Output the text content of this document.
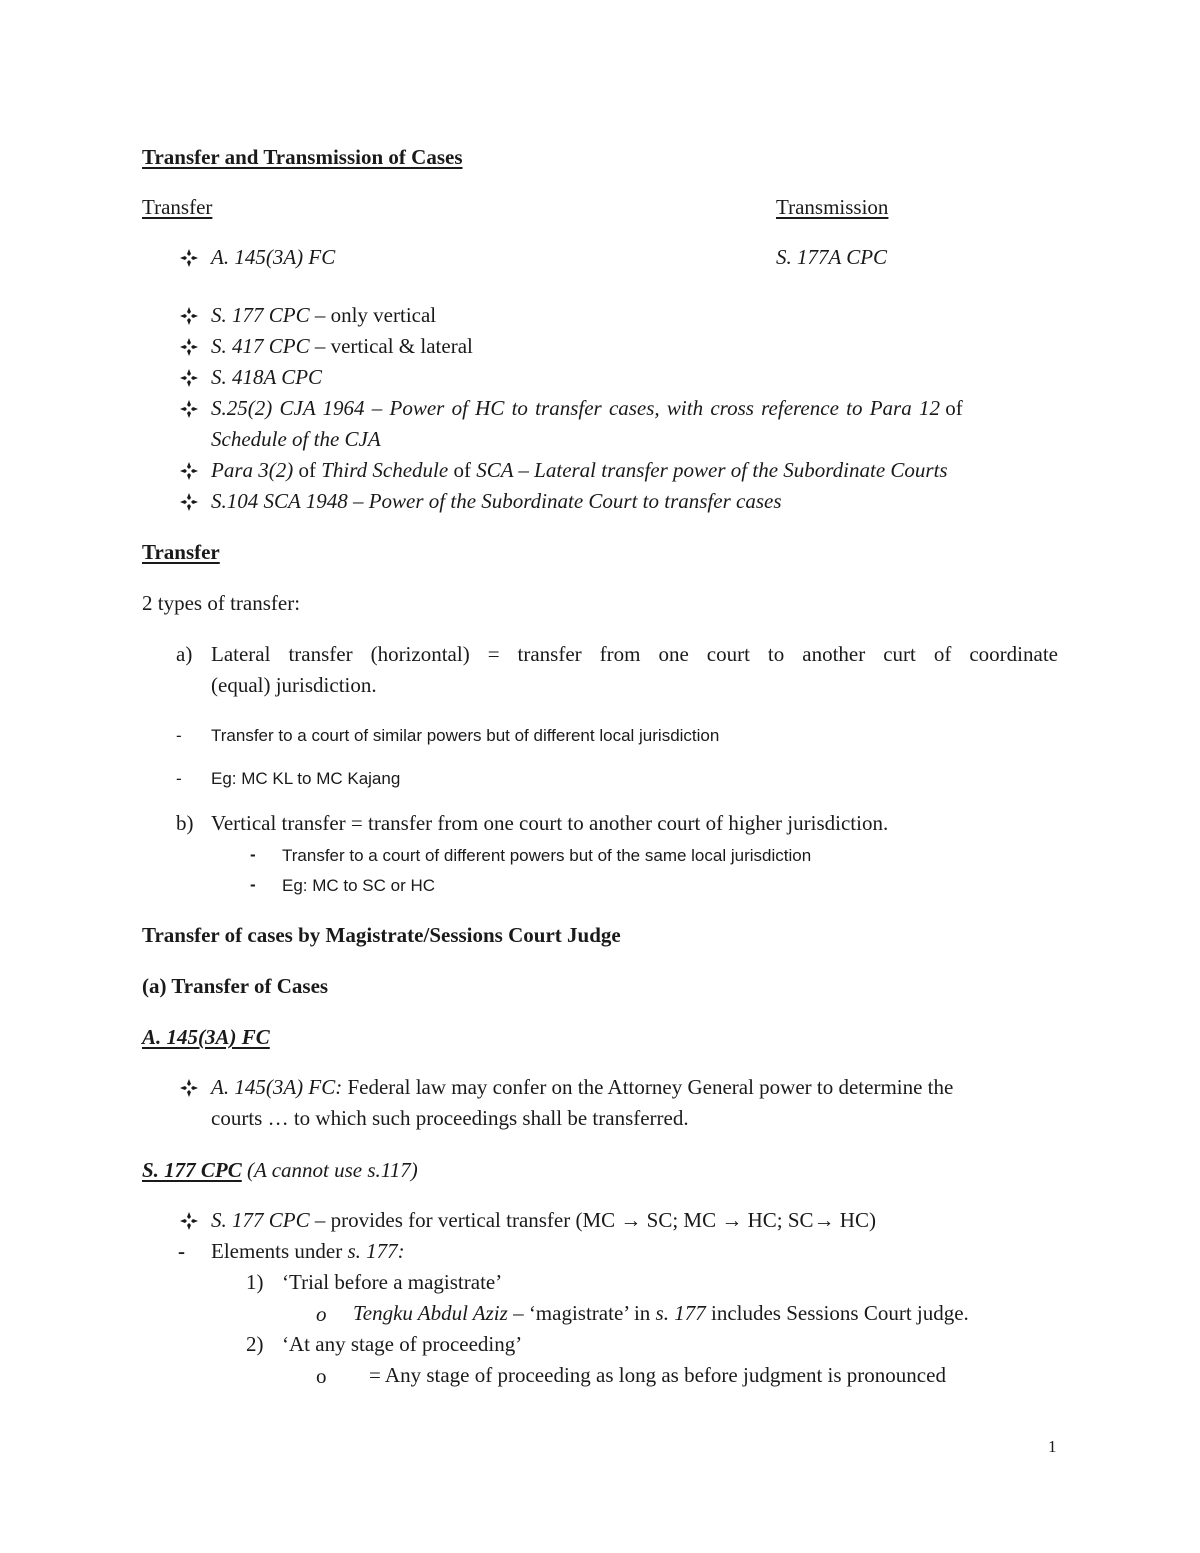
Transfer and Transmission of Cases
Transfer	Transmission
A. 145(3A) FC	S. 177A CPC
S. 177 CPC – only vertical
S. 417 CPC – vertical & lateral
S. 418A CPC
S.25(2) CJA 1964 – Power of HC to transfer cases, with cross reference to Para 12 of
Schedule of the CJA
Para 3(2) of Third Schedule of SCA – Lateral transfer power of the Subordinate Courts
S.104 SCA 1948 – Power of the Subordinate Court to transfer cases
Transfer
2 types of transfer:
a) Lateral transfer (horizontal) = transfer from one court to another curt of coordinate
(equal) jurisdiction.
- Transfer to a court of similar powers but of different local jurisdiction
- Eg: MC KL to MC Kajang
b) Vertical transfer = transfer from one court to another court of higher jurisdiction.
- Transfer to a court of different powers but of the same local jurisdiction
- Eg: MC to SC or HC
Transfer of cases by Magistrate/Sessions Court Judge
(a) Transfer of Cases
A. 145(3A) FC
A. 145(3A) FC: Federal law may confer on the Attorney General power to determine the
courts … to which such proceedings shall be transferred.
S. 177 CPC (A cannot use s.117)
S. 177 CPC – provides for vertical transfer (MC → SC; MC → HC; SC→ HC)
- Elements under s. 177:
1) ‘Trial before a magistrate’
o Tengku Abdul Aziz – ‘magistrate’ in s. 177 includes Sessions Court judge.
2) ‘At any stage of proceeding’
o = Any stage of proceeding as long as before judgment is pronounced
1
